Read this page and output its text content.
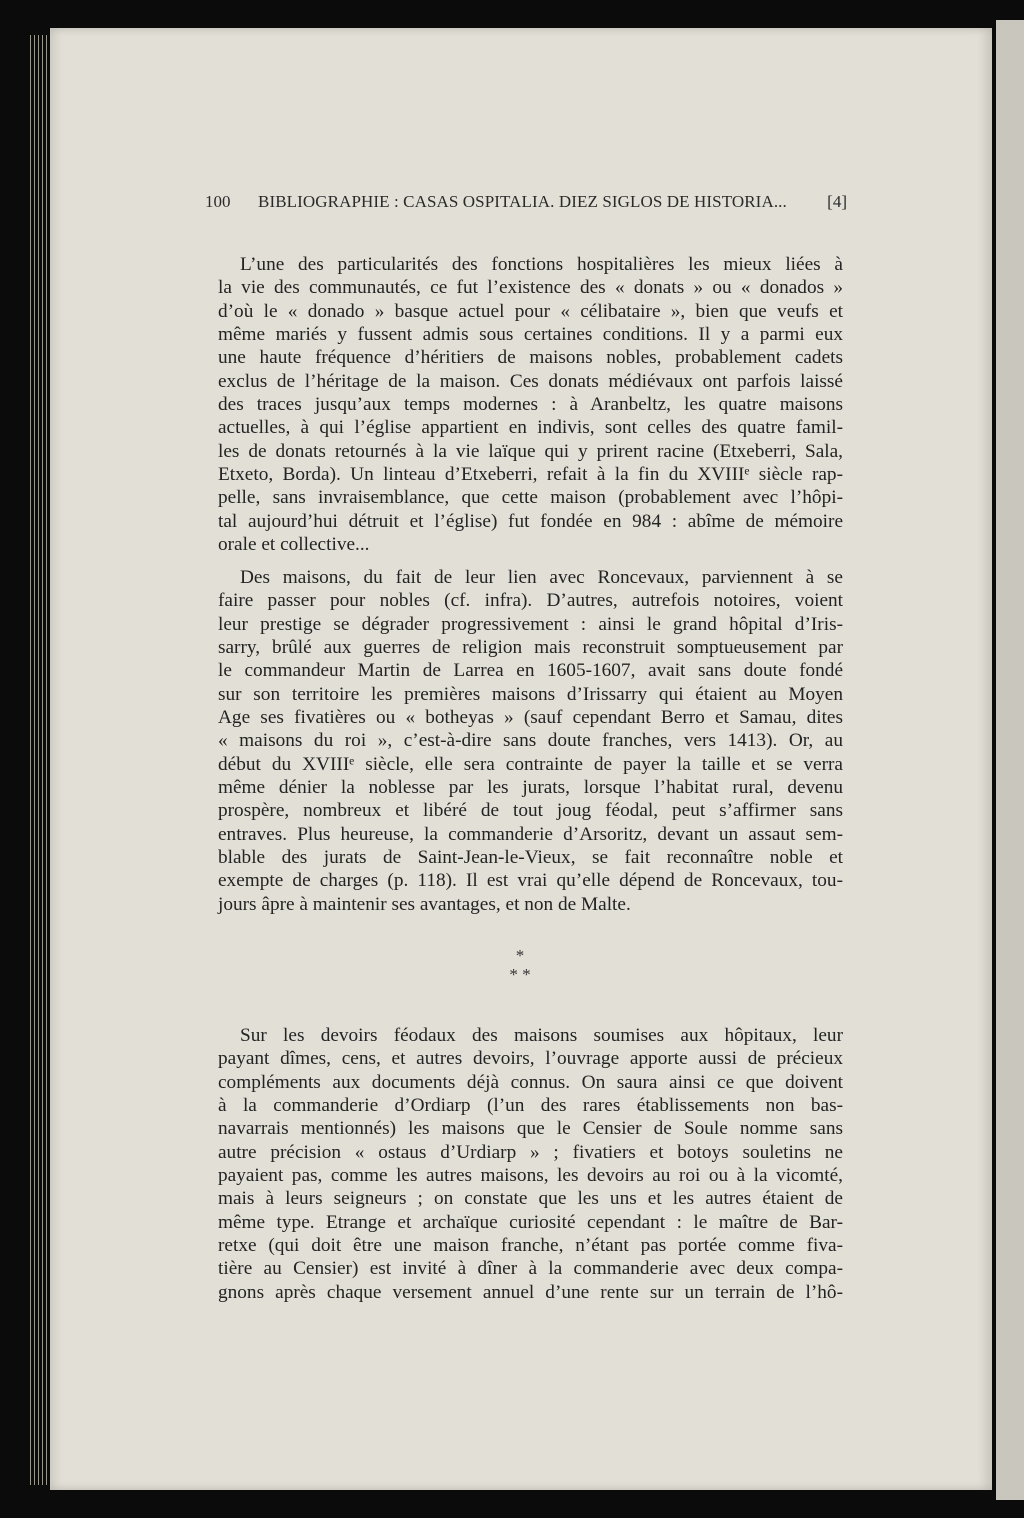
100	BIBLIOGRAPHIE : CASAS OSPITALIA. DIEZ SIGLOS DE HISTORIA...	[4]
L’une des particularités des fonctions hospitalières les mieux liées à
la vie des communautés, ce fut l’existence des « donats » ou « donados »
d’où le « donado » basque actuel pour « célibataire », bien que veufs et
même mariés y fussent admis sous certaines conditions. Il y a parmi eux
une haute fréquence d’héritiers de maisons nobles, probablement cadets
exclus de l’héritage de la maison. Ces donats médiévaux ont parfois laissé
des traces jusqu’aux temps modernes : à Aranbeltz, les quatre maisons
actuelles, à qui l’église appartient en indivis, sont celles des quatre famil-
les de donats retournés à la vie laïque qui y prirent racine (Etxeberri, Sala,
Etxeto, Borda). Un linteau d’Etxeberri, refait à la fin du XVIIIᵉ siècle rap-
pelle, sans invraisemblance, que cette maison (probablement avec l’hôpi-
tal aujourd’hui détruit et l’église) fut fondée en 984 : abîme de mémoire
orale et collective...
Des maisons, du fait de leur lien avec Roncevaux, parviennent à se
faire passer pour nobles (cf. infra). D’autres, autrefois notoires, voient
leur prestige se dégrader progressivement : ainsi le grand hôpital d’Iris-
sarry, brûlé aux guerres de religion mais reconstruit somptueusement par
le commandeur Martin de Larrea en 1605-1607, avait sans doute fondé
sur son territoire les premières maisons d’Irissarry qui étaient au Moyen
Age ses fivatières ou « botheyas » (sauf cependant Berro et Samau, dites
« maisons du roi », c’est-à-dire sans doute franches, vers 1413). Or, au
début du XVIIIᵉ siècle, elle sera contrainte de payer la taille et se verra
même dénier la noblesse par les jurats, lorsque l’habitat rural, devenu
prospère, nombreux et libéré de tout joug féodal, peut s’affirmer sans
entraves. Plus heureuse, la commanderie d’Arsoritz, devant un assaut sem-
blable des jurats de Saint-Jean-le-Vieux, se fait reconnaître noble et
exempte de charges (p. 118). Il est vrai qu’elle dépend de Roncevaux, tou-
jours âpre à maintenir ses avantages, et non de Malte.
*
* *
Sur les devoirs féodaux des maisons soumises aux hôpitaux, leur
payant dîmes, cens, et autres devoirs, l’ouvrage apporte aussi de précieux
compléments aux documents déjà connus. On saura ainsi ce que doivent
à la commanderie d’Ordiarp (l’un des rares établissements non bas-
navarrais mentionnés) les maisons que le Censier de Soule nomme sans
autre précision « ostaus d’Urdiarp » ; fivatiers et botoys souletins ne
payaient pas, comme les autres maisons, les devoirs au roi ou à la vicomté,
mais à leurs seigneurs ; on constate que les uns et les autres étaient de
même type. Etrange et archaïque curiosité cependant : le maître de Bar-
retxe (qui doit être une maison franche, n’étant pas portée comme fiva-
tière au Censier) est invité à dîner à la commanderie avec deux compa-
gnons après chaque versement annuel d’une rente sur un terrain de l’hô-
